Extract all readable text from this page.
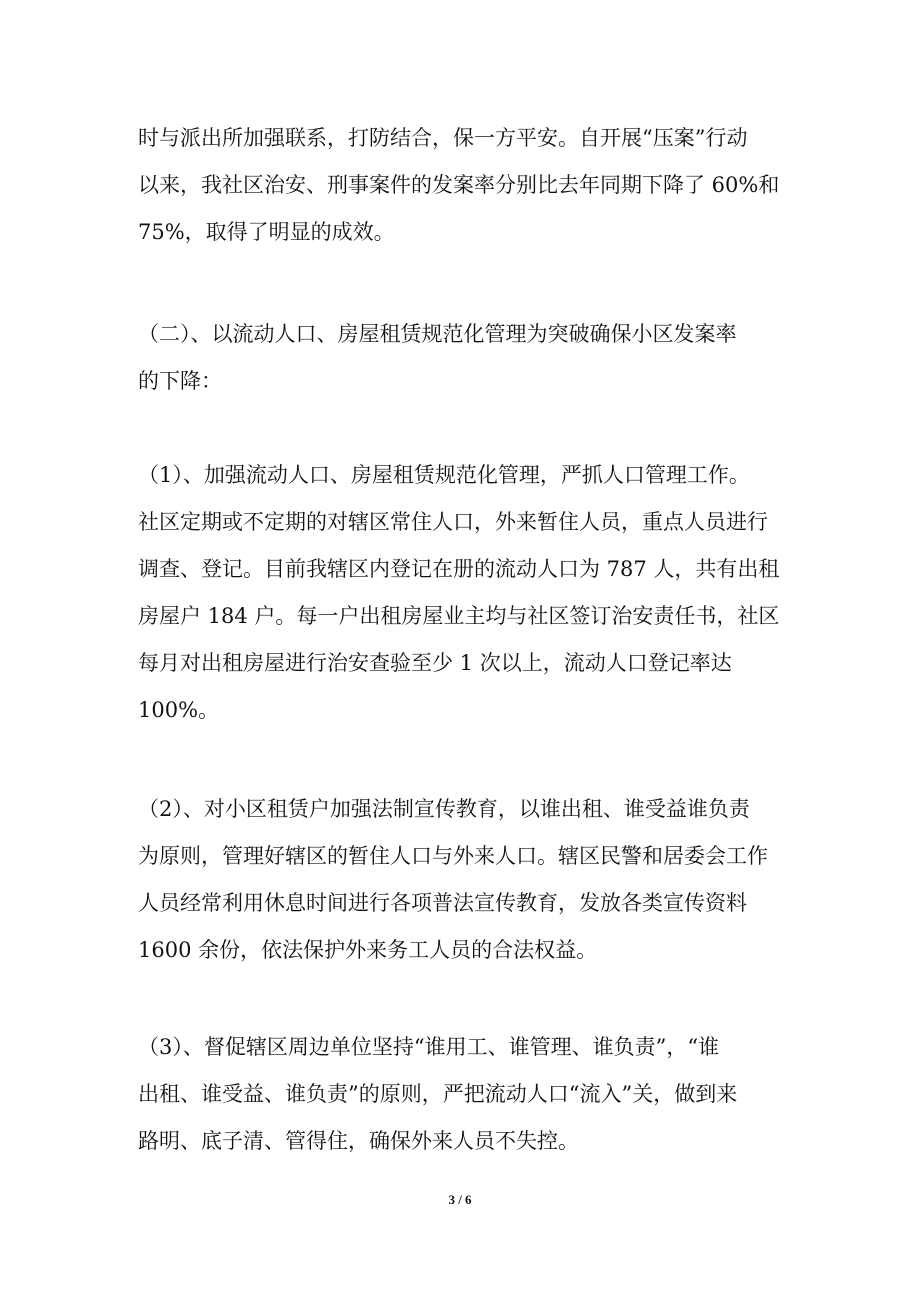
时与派出所加强联系，打防结合，保一方平安。自开展“压案”行动
以来，我社区治安、刑事案件的发案率分别比去年同期下降了 60%和
75%，取得了明显的成效。

（二）、以流动人口、房屋租赁规范化管理为突破确保小区发案率
的下降：

（1）、加强流动人口、房屋租赁规范化管理，严抓人口管理工作。
社区定期或不定期的对辖区常住人口，外来暂住人员，重点人员进行
调查、登记。目前我辖区内登记在册的流动人口为 787 人，共有出租
房屋户 184 户。每一户出租房屋业主均与社区签订治安责任书，社区
每月对出租房屋进行治安查验至少 1 次以上，流动人口登记率达
100%。

（2）、对小区租赁户加强法制宣传教育，以谁出租、谁受益谁负责
为原则，管理好辖区的暂住人口与外来人口。辖区民警和居委会工作
人员经常利用休息时间进行各项普法宣传教育，发放各类宣传资料
1600 余份，依法保护外来务工人员的合法权益。

（3）、督促辖区周边单位坚持“谁用工、谁管理、谁负责”，“谁
出租、谁受益、谁负责”的原则，严把流动人口“流入”关，做到来
路明、底子清、管得住，确保外来人员不失控。

3 / 6
